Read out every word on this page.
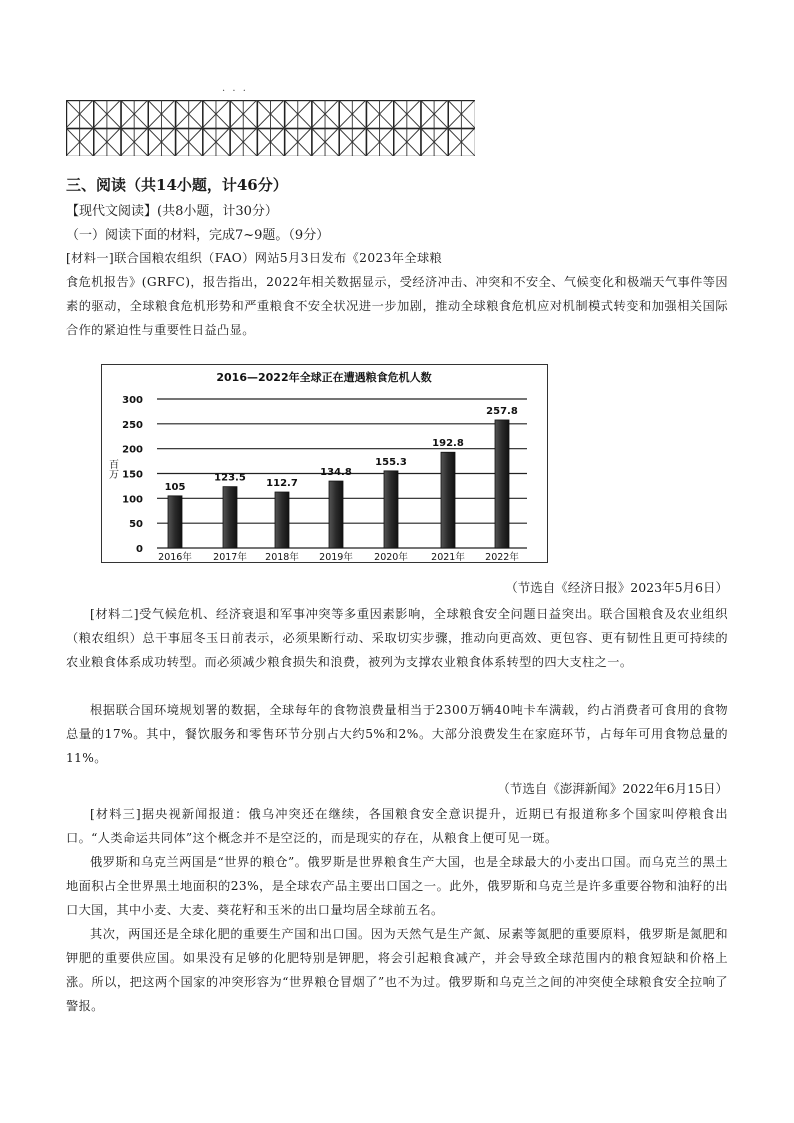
· · ·
三、阅读（共14小题，计46分）
【现代文阅读】(共8小题，计30分）
（一）阅读下面的材料，完成7~9题。（9分）
[材料一]联合国粮农组织（FAO）网站5月3日发布《2023年全球粮
食危机报告》(GRFC)，报告指出，2022年相关数据显示，受经济冲击、冲突和不安全、气候变化和极端天气事件等因素的驱动，全球粮食危机形势和严重粮食不安全状况进一步加剧，推动全球粮食危机应对机制模式转变和加强相关国际合作的紧迫性与重要性日益凸显。
2016—2022年全球正在遭遇粮食危机人数
百万
0
50
100
150
200
250
300
105
2016年
123.5
2017年
112.7
2018年
134.8
2019年
155.3
2020年
192.8
2021年
257.8
2022年
（节选自《经济日报》2023年5月6日）
[材料二]受气候危机、经济衰退和军事冲突等多重因素影响，全球粮食安全问题日益突出。联合国粮食及农业组织（粮农组织）总干事屈冬玉日前表示，必须果断行动、采取切实步骤，推动向更高效、更包容、更有韧性且更可持续的农业粮食体系成功转型。而必须减少粮食损失和浪费，被列为支撑农业粮食体系转型的四大支柱之一。
根据联合国环境规划署的数据，全球每年的食物浪费量相当于2300万辆40吨卡车满载，约占消费者可食用的食物总量的17%。其中，餐饮服务和零售环节分别占大约5%和2%。大部分浪费发生在家庭环节，占每年可用食物总量的11%。
（节选自《澎湃新闻》2022年6月15日）
[材料三]据央视新闻报道：俄乌冲突还在继续，各国粮食安全意识提升，近期已有报道称多个国家叫停粮食出口。“人类命运共同体”这个概念并不是空泛的，而是现实的存在，从粮食上便可见一斑。
俄罗斯和乌克兰两国是“世界的粮仓”。俄罗斯是世界粮食生产大国，也是全球最大的小麦出口国。而乌克兰的黑土地面积占全世界黑土地面积的23%，是全球农产品主要出口国之一。此外，俄罗斯和乌克兰是许多重要谷物和油籽的出口大国，其中小麦、大麦、葵花籽和玉米的出口量均居全球前五名。
其次，两国还是全球化肥的重要生产国和出口国。因为天然气是生产氮、尿素等氮肥的重要原料，俄罗斯是氮肥和钾肥的重要供应国。如果没有足够的化肥特别是钾肥，将会引起粮食减产，并会导致全球范围内的粮食短缺和价格上涨。所以，把这两个国家的冲突形容为“世界粮仓冒烟了”也不为过。俄罗斯和乌克兰之间的冲突使全球粮食安全拉响了警报。
